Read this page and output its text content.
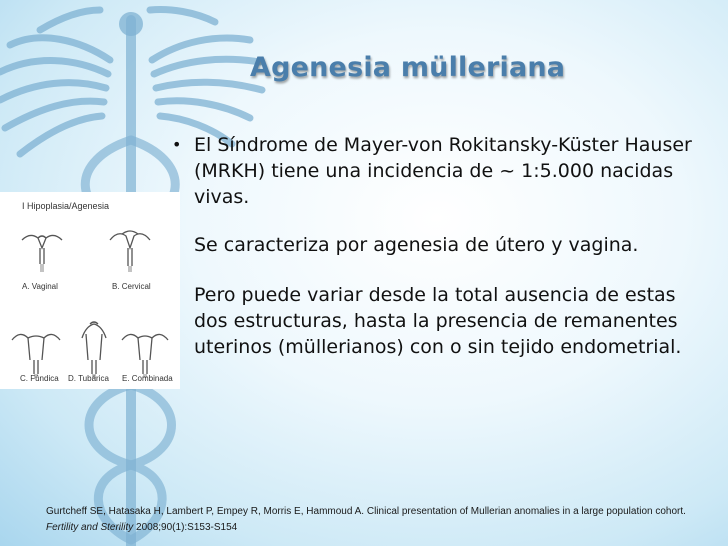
Agenesia mülleriana
I Hipoplasia/Agenesia
A. Vaginal	B. Cervical
C. Fúndica D. Tubárica E. Combinada
• El Síndrome de Mayer-von Rokitansky-Küster Hauser (MRKH) tiene una incidencia de ~ 1:5.000 nacidas vivas.
Se caracteriza por agenesia de útero y vagina.
Pero puede variar desde la total ausencia de estas dos estructuras, hasta la presencia de remanentes uterinos (müllerianos) con o sin tejido endometrial.
Gurtcheff SE, Hatasaka H, Lambert P, Empey R, Morris E, Hammoud A. Clinical presentation of Mullerian anomalies in a large population cohort. Fertility and Sterility 2008;90(1):S153-S154
